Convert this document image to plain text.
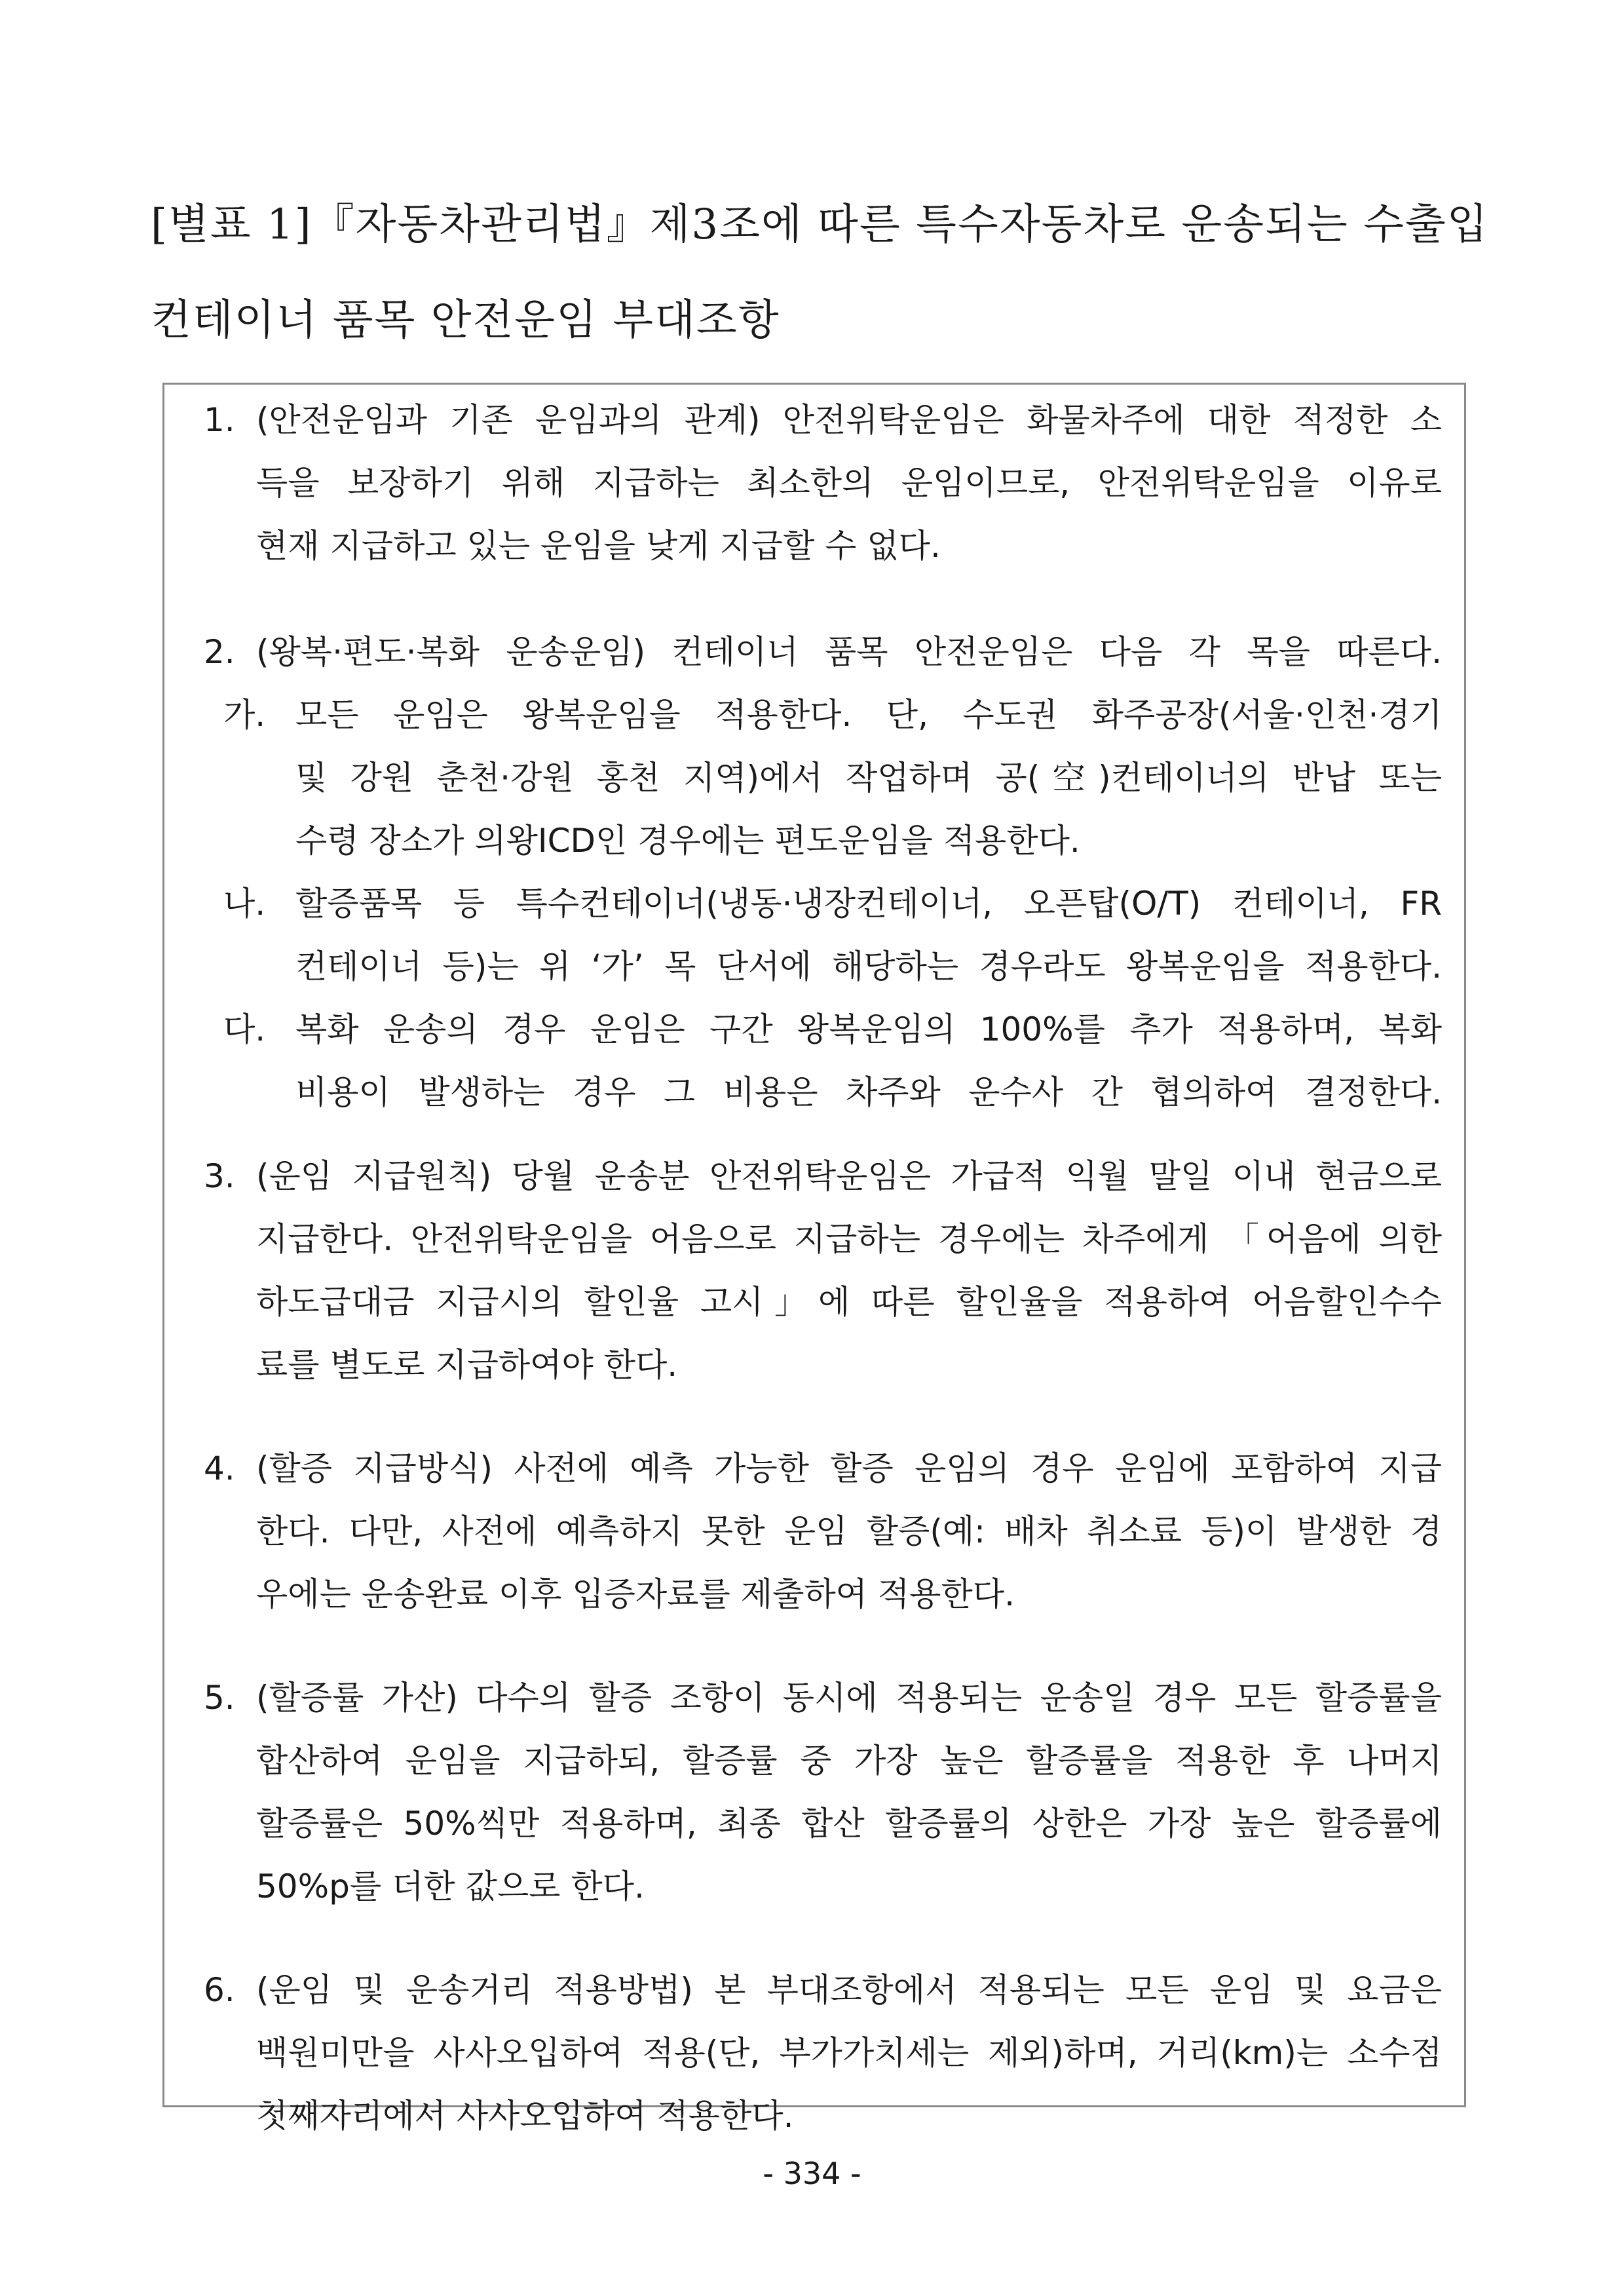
[별표 1]『자동차관리법』제3조에 따른 특수자동차로 운송되는 수출입
컨테이너 품목 안전운임 부대조항
1. (안전운임과 기존 운임과의 관계) 안전위탁운임은 화물차주에 대한 적정한 소
득을 보장하기 위해 지급하는 최소한의 운임이므로, 안전위탁운임을 이유로
현재 지급하고 있는 운임을 낮게 지급할 수 없다.
2. (왕복·편도·복화 운송운임) 컨테이너 품목 안전운임은 다음 각 목을 따른다.
가. 모든 운임은 왕복운임을 적용한다. 단, 수도권 화주공장(서울·인천·경기
및 강원 춘천·강원 홍천 지역)에서 작업하며 공(空)컨테이너의 반납 또는
수령 장소가 의왕ICD인 경우에는 편도운임을 적용한다.
나. 할증품목 등 특수컨테이너(냉동·냉장컨테이너, 오픈탑(O/T) 컨테이너, FR
컨테이너 등)는 위 ‘가’ 목 단서에 해당하는 경우라도 왕복운임을 적용한다.
다. 복화 운송의 경우 운임은 구간 왕복운임의 100%를 추가 적용하며, 복화
비용이 발생하는 경우 그 비용은 차주와 운수사 간 협의하여 결정한다.
3. (운임 지급원칙) 당월 운송분 안전위탁운임은 가급적 익월 말일 이내 현금으로
지급한다. 안전위탁운임을 어음으로 지급하는 경우에는 차주에게 「어음에 의한
하도급대금 지급시의 할인율 고시」에 따른 할인율을 적용하여 어음할인수수
료를 별도로 지급하여야 한다.
4. (할증 지급방식) 사전에 예측 가능한 할증 운임의 경우 운임에 포함하여 지급
한다. 다만, 사전에 예측하지 못한 운임 할증(예: 배차 취소료 등)이 발생한 경
우에는 운송완료 이후 입증자료를 제출하여 적용한다.
5. (할증률 가산) 다수의 할증 조항이 동시에 적용되는 운송일 경우 모든 할증률을
합산하여 운임을 지급하되, 할증률 중 가장 높은 할증률을 적용한 후 나머지
할증률은 50%씩만 적용하며, 최종 합산 할증률의 상한은 가장 높은 할증률에
50%p를 더한 값으로 한다.
6. (운임 및 운송거리 적용방법) 본 부대조항에서 적용되는 모든 운임 및 요금은
백원미만을 사사오입하여 적용(단, 부가가치세는 제외)하며, 거리(km)는 소수점
첫째자리에서 사사오입하여 적용한다.
- 334 -
